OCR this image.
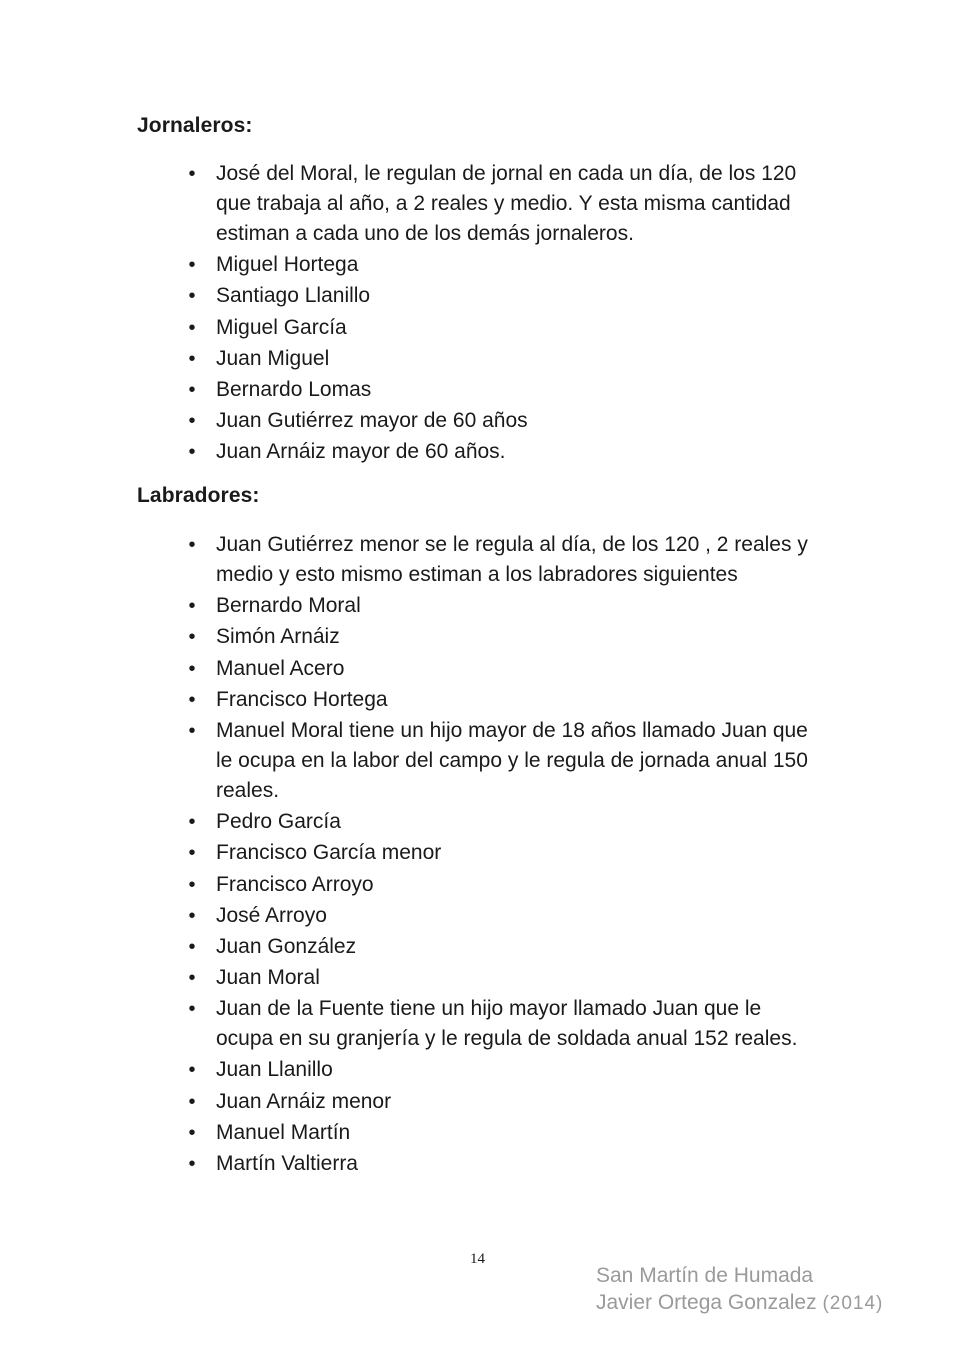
Jornaleros:
• José del Moral, le regulan de jornal en cada un día, de los 120 que trabaja al año, a 2 reales y medio. Y esta misma cantidad estiman a cada uno de los demás jornaleros.
• Miguel Hortega
• Santiago Llanillo
• Miguel García
• Juan Miguel
• Bernardo Lomas
• Juan Gutiérrez mayor de 60 años
• Juan Arnáiz mayor de 60 años.
Labradores:
• Juan Gutiérrez menor se le regula al día, de los 120 , 2 reales y medio y esto mismo estiman a los labradores siguientes
• Bernardo Moral
• Simón Arnáiz
• Manuel Acero
• Francisco Hortega
• Manuel Moral tiene un hijo mayor de 18 años llamado Juan que le ocupa en la labor del campo y le regula de jornada anual 150 reales.
• Pedro García
• Francisco García menor
• Francisco Arroyo
• José Arroyo
• Juan González
• Juan Moral
• Juan de la Fuente tiene un hijo mayor llamado Juan que le ocupa en su granjería y le regula de soldada anual 152 reales.
• Juan Llanillo
• Juan Arnáiz menor
• Manuel Martín
• Martín Valtierra
14
San Martín de Humada
Javier Ortega Gonzalez (2014)
